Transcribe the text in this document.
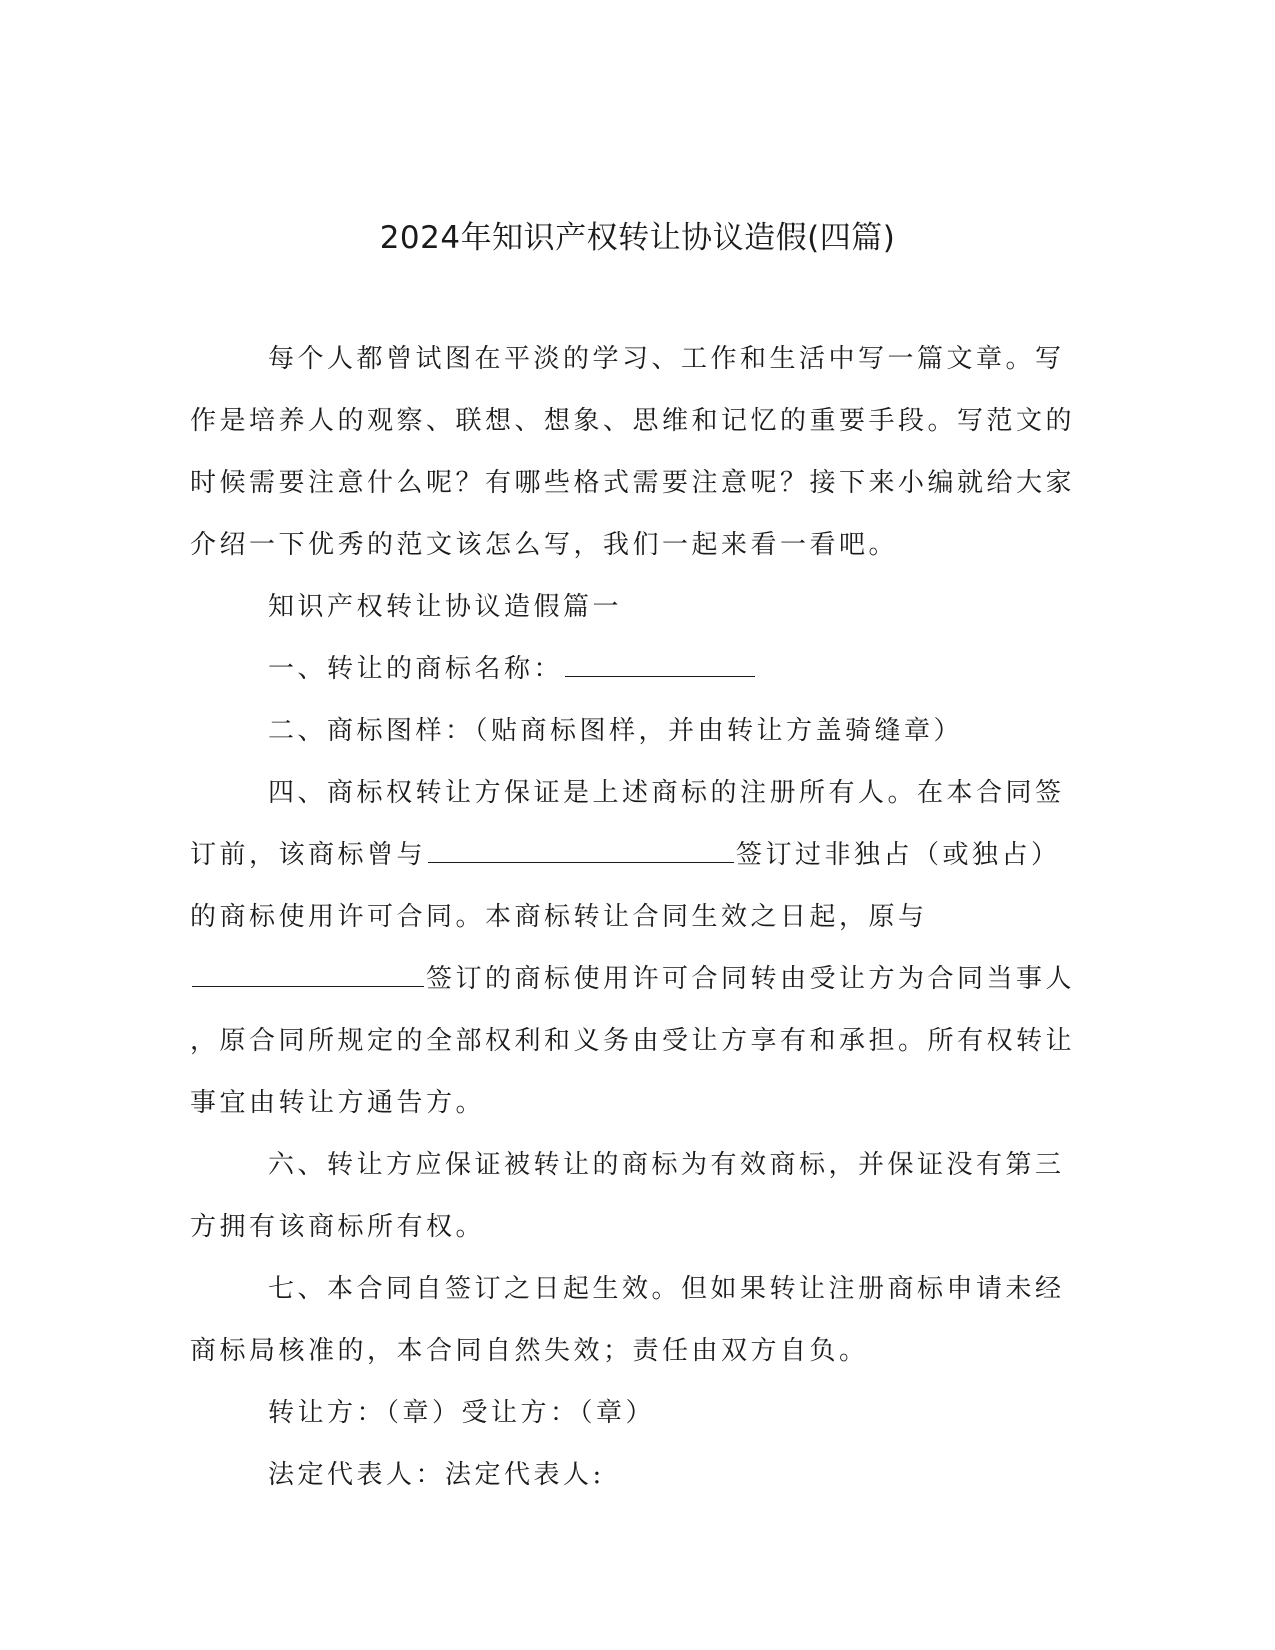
2024年知识产权转让协议造假(四篇)

每个人都曾试图在平淡的学习、工作和生活中写一篇文章。写作是培养人的观察、联想、想象、思维和记忆的重要手段。写范文的时候需要注意什么呢？有哪些格式需要注意呢？接下来小编就给大家介绍一下优秀的范文该怎么写，我们一起来看一看吧。

知识产权转让协议造假篇一

一、转让的商标名称：

二、商标图样：（贴商标图样，并由转让方盖骑缝章）

四、商标权转让方保证是上述商标的注册所有人。在本合同签订前，该商标曾与	签订过非独占（或独占）的商标使用许可合同。本商标转让合同生效之日起，原与

签订的商标使用许可合同转由受让方为合同当事人

，原合同所规定的全部权利和义务由受让方享有和承担。所有权转让事宜由转让方通告方。

六、转让方应保证被转让的商标为有效商标，并保证没有第三方拥有该商标所有权。

七、本合同自签订之日起生效。但如果转让注册商标申请未经商标局核准的，本合同自然失效；责任由双方自负。

转让方：（章）受让方：（章）

法定代表人：法定代表人:
